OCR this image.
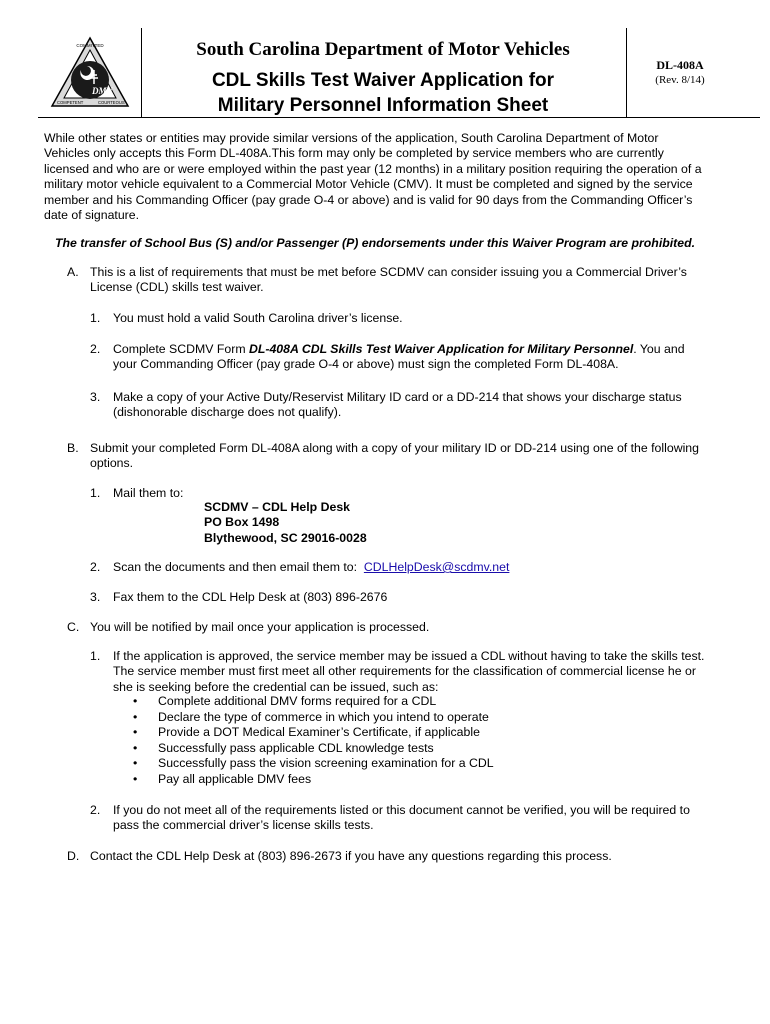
DMV
COMMITTED
COMPETENT	COURTEOUS
South Carolina Department of Motor Vehicles
CDL Skills Test Waiver Application for
Military Personnel Information Sheet
DL-408A
(Rev. 8/14)
While other states or entities may provide similar versions of the application, South Carolina Department of Motor
Vehicles only accepts this Form DL-408A.This form may only be completed by service members who are currently
licensed and who are or were employed within the past year (12 months) in a military position requiring the operation of a
military motor vehicle equivalent to a Commercial Motor Vehicle (CMV). It must be completed and signed by the service
member and his Commanding Officer (pay grade O-4 or above) and is valid for 90 days from the Commanding Officer’s
date of signature.
The transfer of School Bus (S) and/or Passenger (P) endorsements under this Waiver Program are prohibited.
A. This is a list of requirements that must be met before SCDMV can consider issuing you a Commercial Driver’s
License (CDL) skills test waiver.
1. You must hold a valid South Carolina driver’s license.
2. Complete SCDMV Form DL-408A CDL Skills Test Waiver Application for Military Personnel. You and
your Commanding Officer (pay grade O-4 or above) must sign the completed Form DL-408A.
3. Make a copy of your Active Duty/Reservist Military ID card or a DD-214 that shows your discharge status
(dishonorable discharge does not qualify).
B. Submit your completed Form DL-408A along with a copy of your military ID or DD-214 using one of the following
options.
1. Mail them to:
SCDMV – CDL Help Desk
PO Box 1498
Blythewood, SC 29016-0028
2. Scan the documents and then email them to:  CDLHelpDesk@scdmv.net
3. Fax them to the CDL Help Desk at (803) 896-2676
C. You will be notified by mail once your application is processed.
1. If the application is approved, the service member may be issued a CDL without having to take the skills test.
The service member must first meet all other requirements for the classification of commercial license he or
she is seeking before the credential can be issued, such as:
• Complete additional DMV forms required for a CDL
• Declare the type of commerce in which you intend to operate
• Provide a DOT Medical Examiner’s Certificate, if applicable
• Successfully pass applicable CDL knowledge tests
• Successfully pass the vision screening examination for a CDL
• Pay all applicable DMV fees
2. If you do not meet all of the requirements listed or this document cannot be verified, you will be required to
pass the commercial driver’s license skills tests.
D. Contact the CDL Help Desk at (803) 896-2673 if you have any questions regarding this process.
